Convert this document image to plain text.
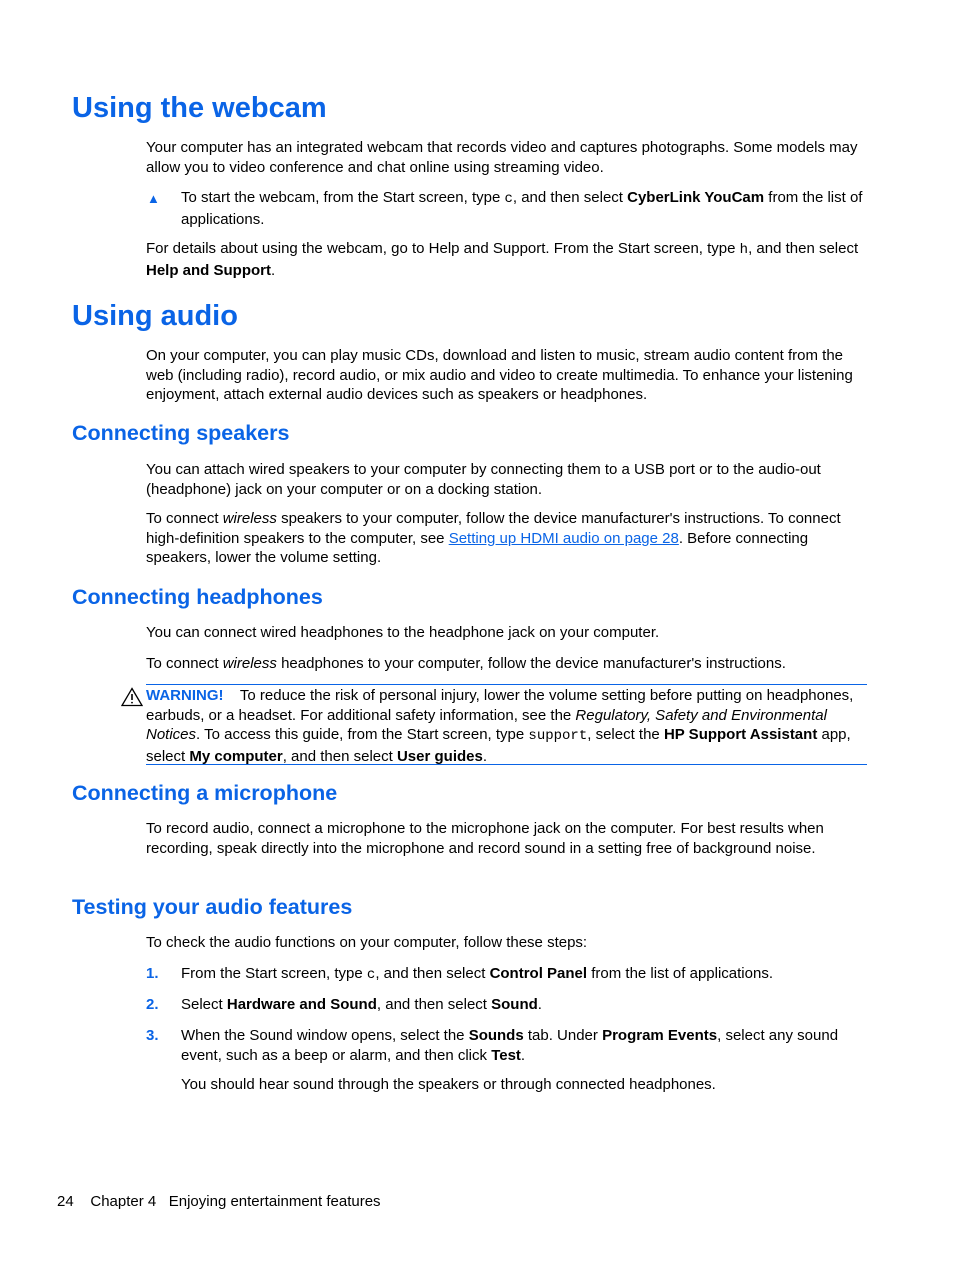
Using the webcam
Your computer has an integrated webcam that records video and captures photographs. Some models may allow you to video conference and chat online using streaming video.
▲ To start the webcam, from the Start screen, type c, and then select CyberLink YouCam from the list of applications.
For details about using the webcam, go to Help and Support. From the Start screen, type h, and then select Help and Support.
Using audio
On your computer, you can play music CDs, download and listen to music, stream audio content from the web (including radio), record audio, or mix audio and video to create multimedia. To enhance your listening enjoyment, attach external audio devices such as speakers or headphones.
Connecting speakers
You can attach wired speakers to your computer by connecting them to a USB port or to the audio-out (headphone) jack on your computer or on a docking station.
To connect wireless speakers to your computer, follow the device manufacturer's instructions. To connect high-definition speakers to the computer, see Setting up HDMI audio on page 28. Before connecting speakers, lower the volume setting.
Connecting headphones
You can connect wired headphones to the headphone jack on your computer.
To connect wireless headphones to your computer, follow the device manufacturer's instructions.
WARNING! To reduce the risk of personal injury, lower the volume setting before putting on headphones, earbuds, or a headset. For additional safety information, see the Regulatory, Safety and Environmental Notices. To access this guide, from the Start screen, type support, select the HP Support Assistant app, select My computer, and then select User guides.
Connecting a microphone
To record audio, connect a microphone to the microphone jack on the computer. For best results when recording, speak directly into the microphone and record sound in a setting free of background noise.
Testing your audio features
To check the audio functions on your computer, follow these steps:
1. From the Start screen, type c, and then select Control Panel from the list of applications.
2. Select Hardware and Sound, and then select Sound.
3. When the Sound window opens, select the Sounds tab. Under Program Events, select any sound event, such as a beep or alarm, and then click Test.
You should hear sound through the speakers or through connected headphones.
24 Chapter 4 Enjoying entertainment features
